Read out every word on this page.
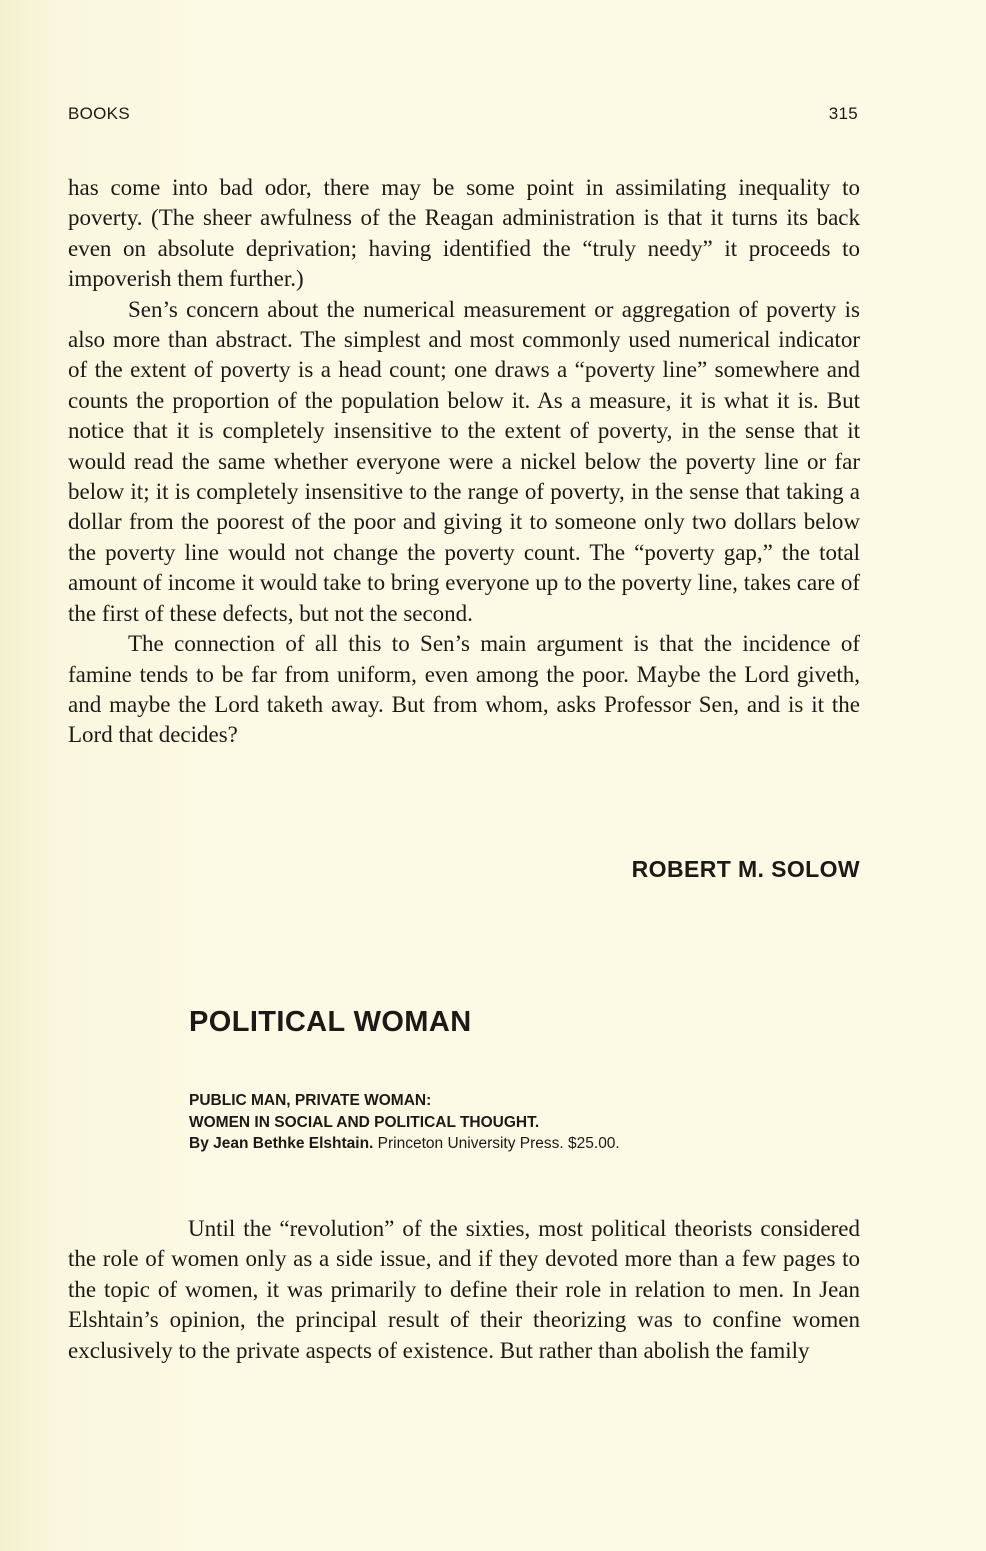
BOOKS	315

has come into bad odor, there may be some point in assimilating inequality to poverty. (The sheer awfulness of the Reagan administration is that it turns its back even on absolute deprivation; having identified the “truly needy” it proceeds to impoverish them further.)

Sen’s concern about the numerical measurement or aggregation of poverty is also more than abstract. The simplest and most commonly used numerical indicator of the extent of poverty is a head count; one draws a “poverty line” somewhere and counts the proportion of the population below it. As a measure, it is what it is. But notice that it is completely insensitive to the extent of poverty, in the sense that it would read the same whether everyone were a nickel below the poverty line or far below it; it is completely insensitive to the range of poverty, in the sense that taking a dollar from the poorest of the poor and giving it to someone only two dollars below the poverty line would not change the poverty count. The “poverty gap,” the total amount of income it would take to bring everyone up to the poverty line, takes care of the first of these defects, but not the second.

The connection of all this to Sen’s main argument is that the incidence of famine tends to be far from uniform, even among the poor. Maybe the Lord giveth, and maybe the Lord taketh away. But from whom, asks Professor Sen, and is it the Lord that decides?

ROBERT M. SOLOW
POLITICAL WOMAN
PUBLIC MAN, PRIVATE WOMAN:
WOMEN IN SOCIAL AND POLITICAL THOUGHT.
By Jean Bethke Elshtain. Princeton University Press. $25.00.

Until the “revolution” of the sixties, most political theorists considered the role of women only as a side issue, and if they devoted more than a few pages to the topic of women, it was primarily to define their role in relation to men. In Jean Elshtain’s opinion, the principal result of their theorizing was to confine women exclusively to the private aspects of existence. But rather than abolish the family
